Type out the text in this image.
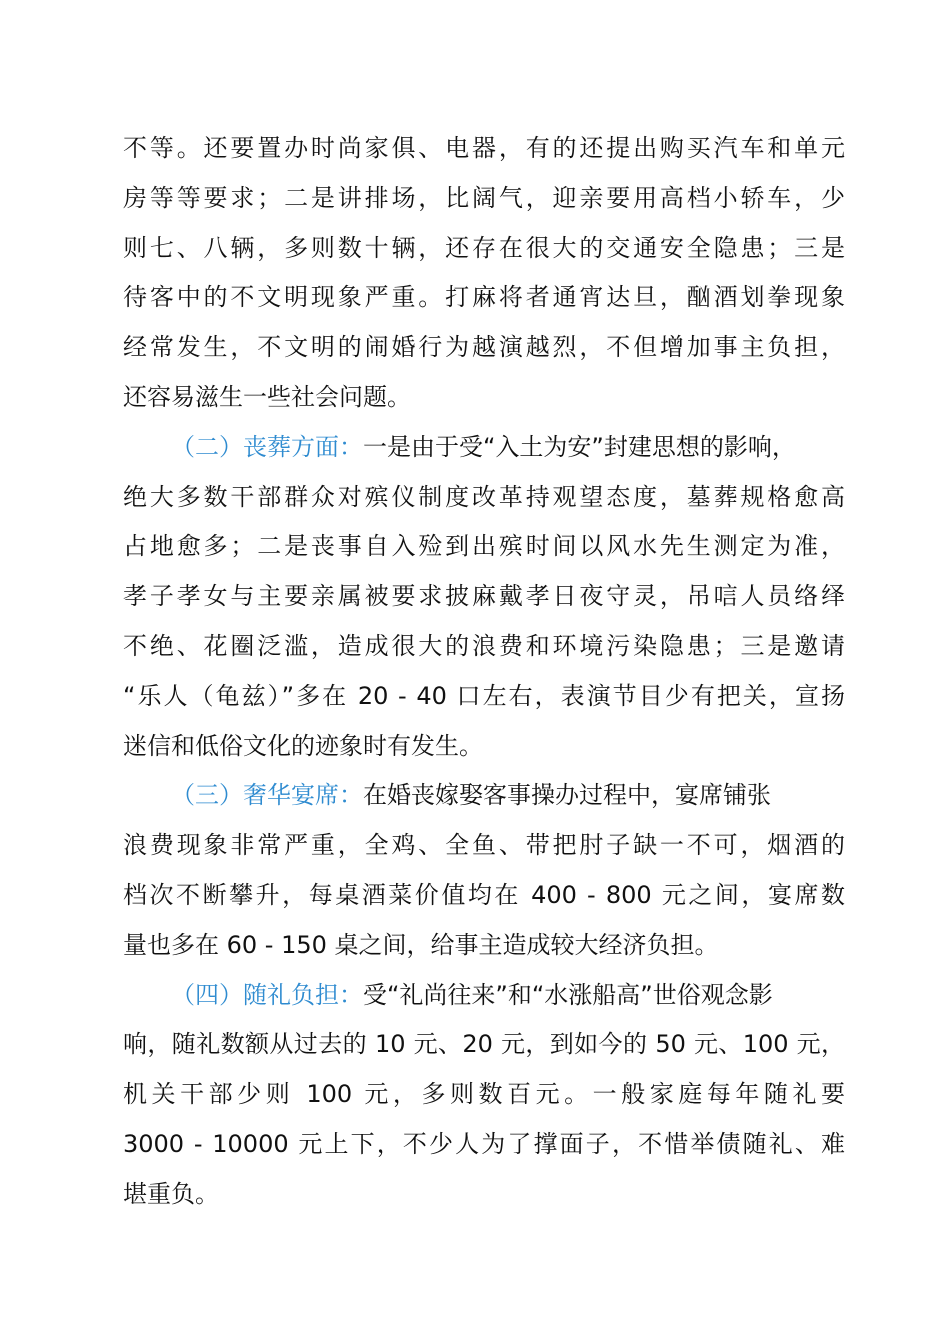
不等。还要置办时尚家俱、电器，有的还提出购买汽车和单元
房等等要求；二是讲排场，比阔气，迎亲要用高档小轿车，少
则七、八辆，多则数十辆，还存在很大的交通安全隐患；三是
待客中的不文明现象严重。打麻将者通宵达旦，酗酒划拳现象
经常发生，不文明的闹婚行为越演越烈，不但增加事主负担，
还容易滋生一些社会问题。
（二）丧葬方面：一是由于受“入土为安”封建思想的影响，
绝大多数干部群众对殡仪制度改革持观望态度，墓葬规格愈高
占地愈多；二是丧事自入殓到出殡时间以风水先生测定为准，
孝子孝女与主要亲属被要求披麻戴孝日夜守灵，吊唁人员络绎
不绝、花圈泛滥，造成很大的浪费和环境污染隐患；三是邀请
“乐人（龟兹）”多在 20 - 40 口左右，表演节目少有把关，宣扬
迷信和低俗文化的迹象时有发生。
（三）奢华宴席：在婚丧嫁娶客事操办过程中，宴席铺张
浪费现象非常严重，全鸡、全鱼、带把肘子缺一不可，烟酒的
档次不断攀升，每桌酒菜价值均在 400 - 800 元之间，宴席数
量也多在 60 - 150 桌之间，给事主造成较大经济负担。
（四）随礼负担：受“礼尚往来”和“水涨船高”世俗观念影
响，随礼数额从过去的 10 元、20 元，到如今的 50 元、100 元，
机关干部少则 100 元，多则数百元。一般家庭每年随礼要
3000 - 10000 元上下，不少人为了撑面子，不惜举债随礼、难
堪重负。
